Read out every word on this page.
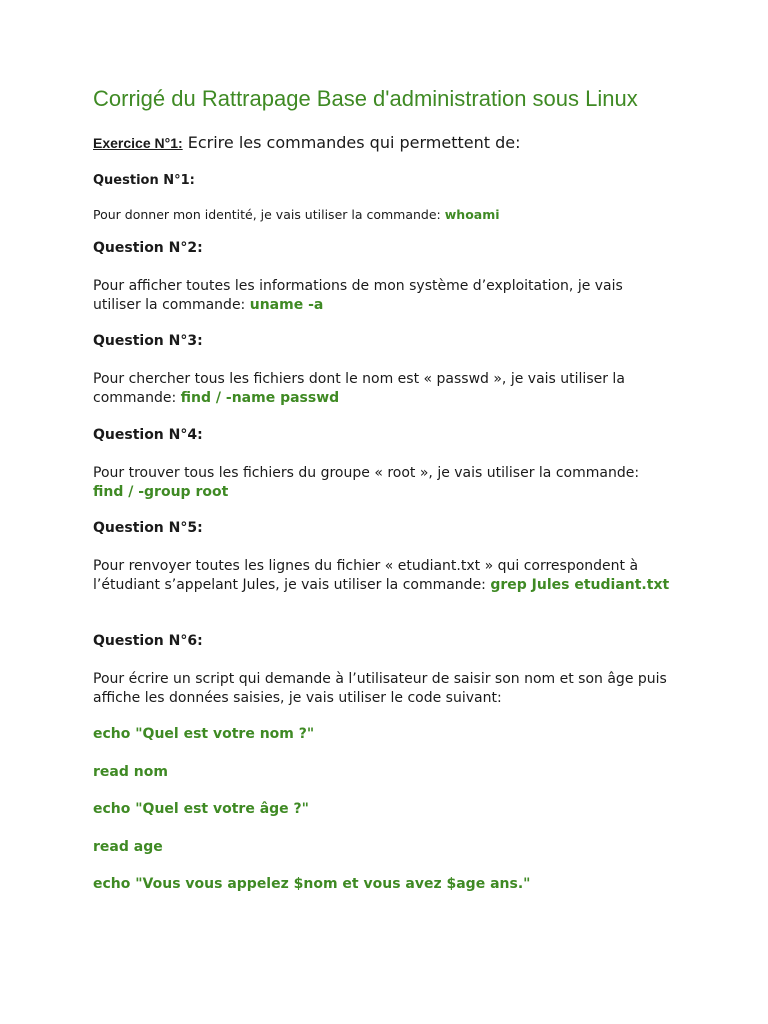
Corrigé du Rattrapage Base d'administration sous Linux

Exercice N°1: Ecrire les commandes qui permettent de:

Question N°1:

Pour donner mon identité, je vais utiliser la commande: whoami

Question N°2:

Pour afficher toutes les informations de mon système d’exploitation, je vais utiliser la commande: uname -a

Question N°3:

Pour chercher tous les fichiers dont le nom est « passwd », je vais utiliser la commande: find / -name passwd

Question N°4:

Pour trouver tous les fichiers du groupe « root », je vais utiliser la commande: find / -group root

Question N°5:

Pour renvoyer toutes les lignes du fichier « etudiant.txt » qui correspondent à l’étudiant s’appelant Jules, je vais utiliser la commande: grep Jules etudiant.txt

Question N°6:

Pour écrire un script qui demande à l’utilisateur de saisir son nom et son âge puis affiche les données saisies, je vais utiliser le code suivant:

echo "Quel est votre nom ?"

read nom

echo "Quel est votre âge ?"

read age

echo "Vous vous appelez $nom et vous avez $age ans."
